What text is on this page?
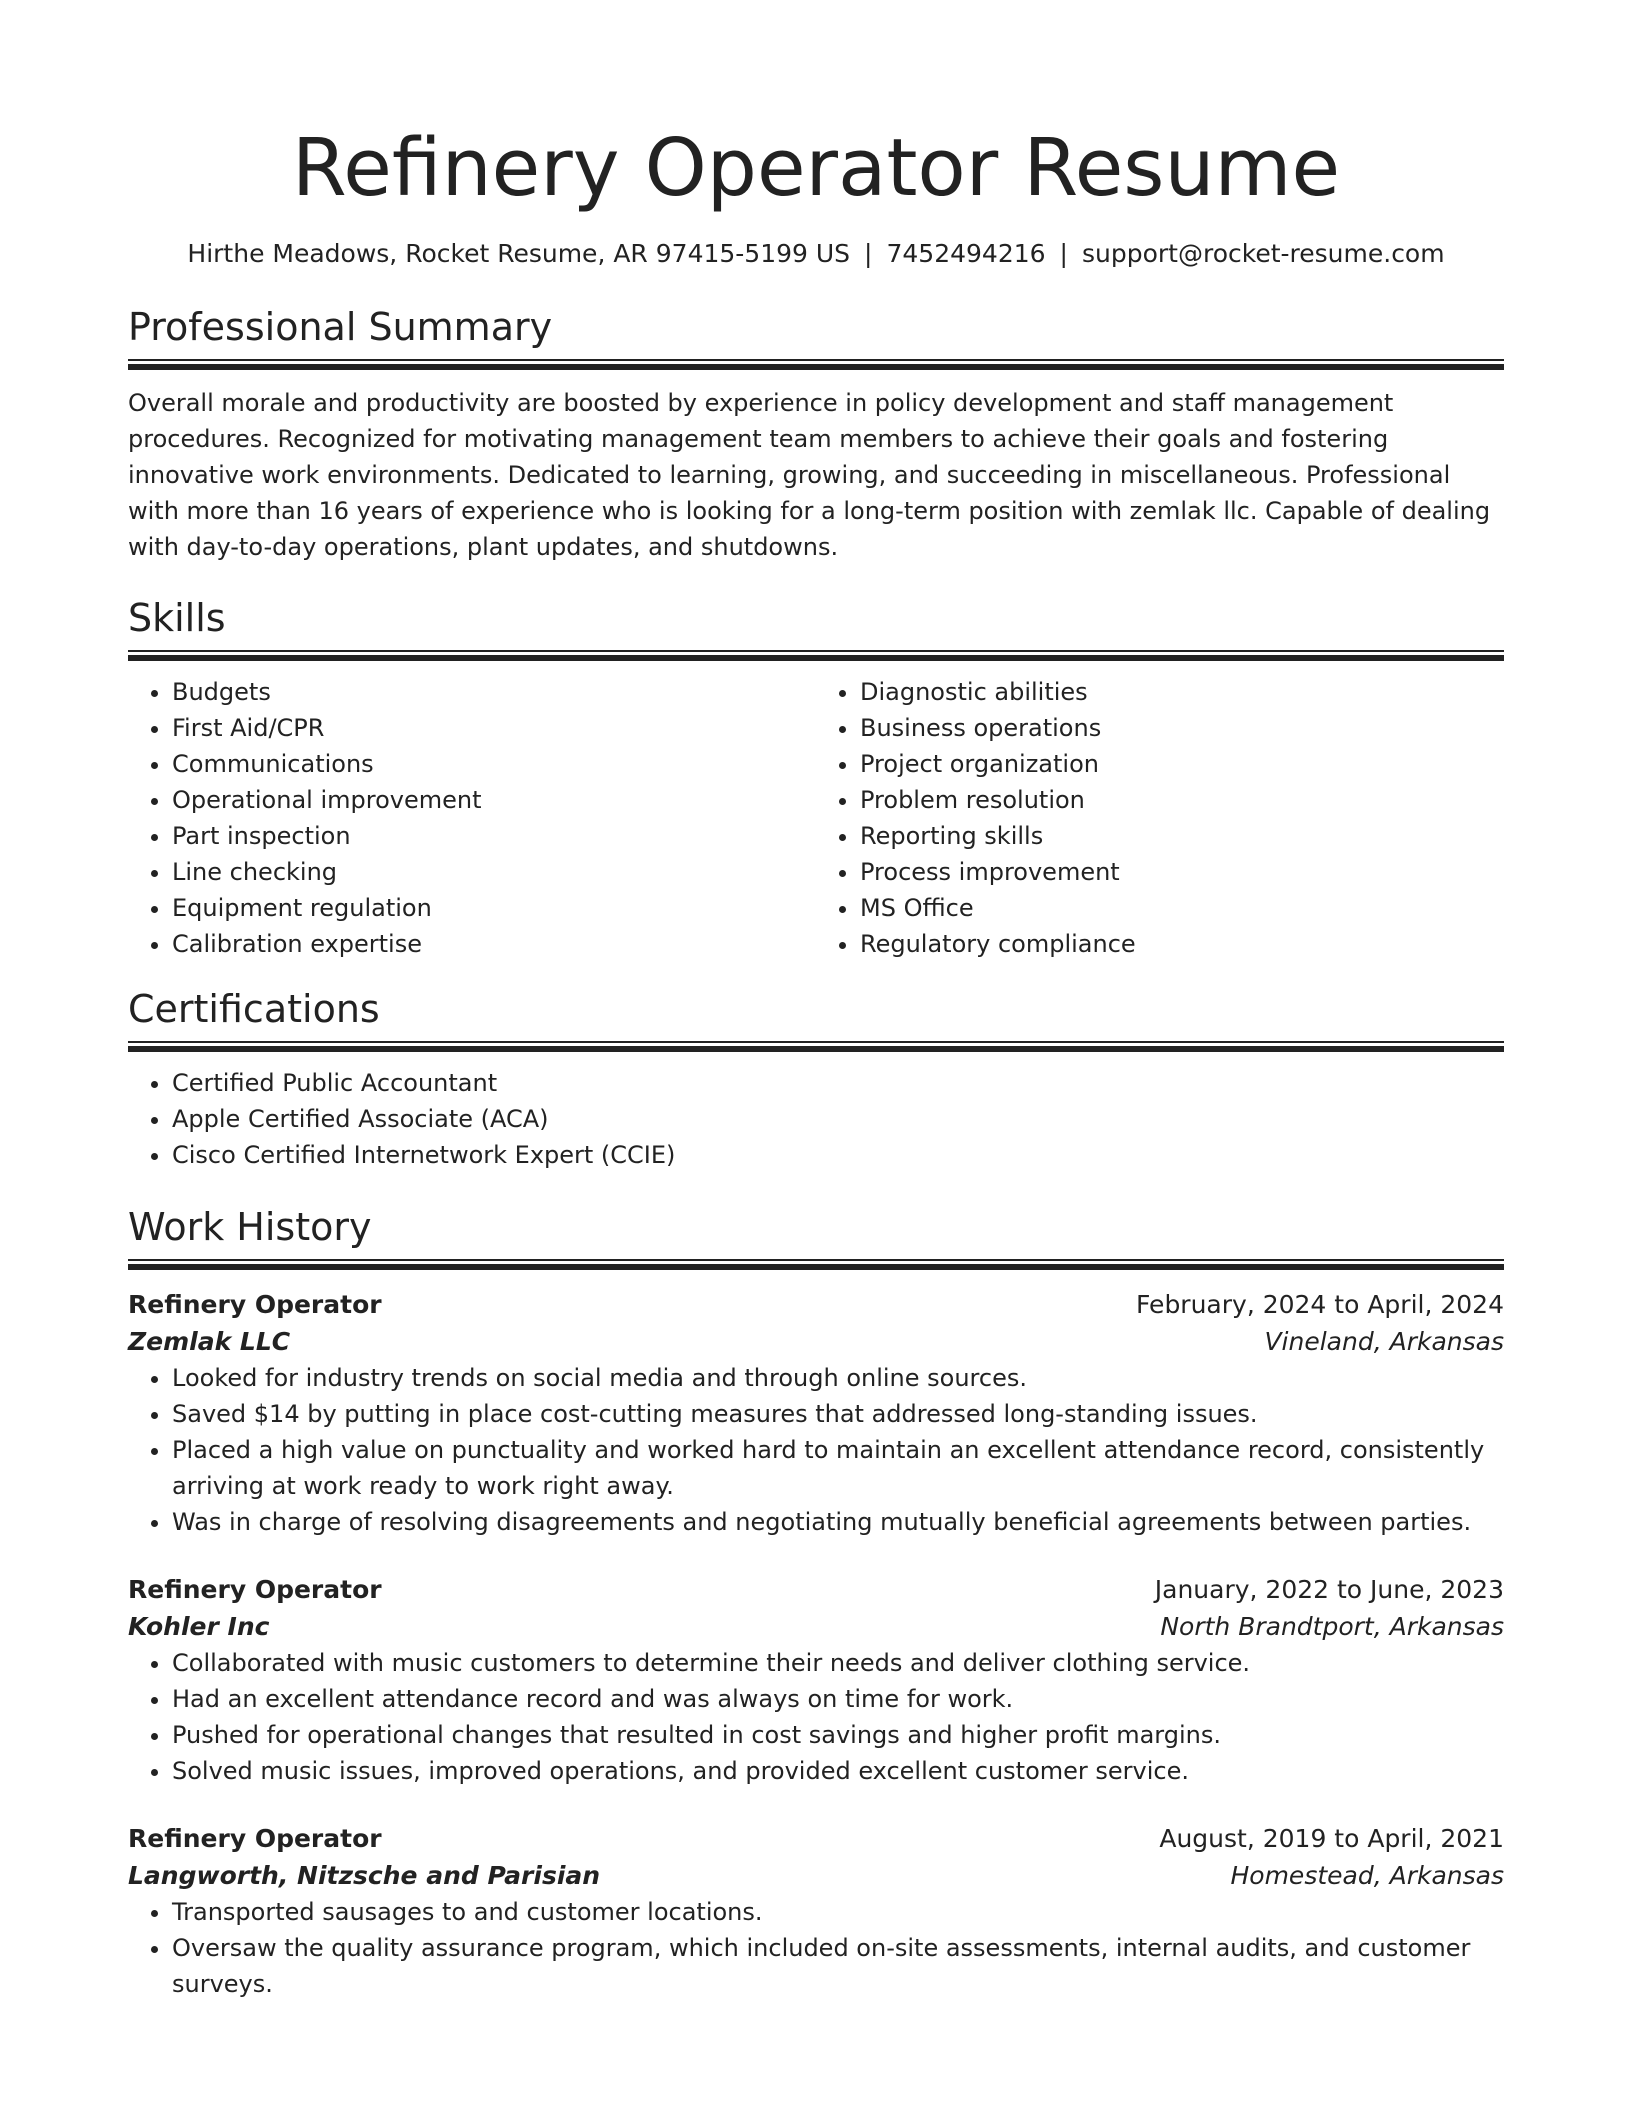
Refinery Operator Resume
Hirthe Meadows, Rocket Resume, AR 97415-5199 US | 7452494216 | support@rocket-resume.com
Professional Summary

Overall morale and productivity are boosted by experience in policy development and staff management procedures. Recognized for motivating management team members to achieve their goals and fostering innovative work environments. Dedicated to learning, growing, and succeeding in miscellaneous. Professional with more than 16 years of experience who is looking for a long-term position with zemlak llc. Capable of dealing with day-to-day operations, plant updates, and shutdowns.

Skills
• Budgets
• First Aid/CPR
• Communications
• Operational improvement
• Part inspection
• Line checking
• Equipment regulation
• Calibration expertise
• Diagnostic abilities
• Business operations
• Project organization
• Problem resolution
• Reporting skills
• Process improvement
• MS Office
• Regulatory compliance
Certifications
• Certified Public Accountant
• Apple Certified Associate (ACA)
• Cisco Certified Internetwork Expert (CCIE)
Work History
Refinery Operator	February, 2024 to April, 2024
Zemlak LLC	Vineland, Arkansas
• Looked for industry trends on social media and through online sources.
• Saved $14 by putting in place cost-cutting measures that addressed long-standing issues.
• Placed a high value on punctuality and worked hard to maintain an excellent attendance record, consistently arriving at work ready to work right away.
• Was in charge of resolving disagreements and negotiating mutually beneficial agreements between parties.
Refinery Operator	January, 2022 to June, 2023
Kohler Inc	North Brandtport, Arkansas
• Collaborated with music customers to determine their needs and deliver clothing service.
• Had an excellent attendance record and was always on time for work.
• Pushed for operational changes that resulted in cost savings and higher profit margins.
• Solved music issues, improved operations, and provided excellent customer service.
Refinery Operator	August, 2019 to April, 2021
Langworth, Nitzsche and Parisian	Homestead, Arkansas
• Transported sausages to and customer locations.
• Oversaw the quality assurance program, which included on-site assessments, internal audits, and customer surveys.
